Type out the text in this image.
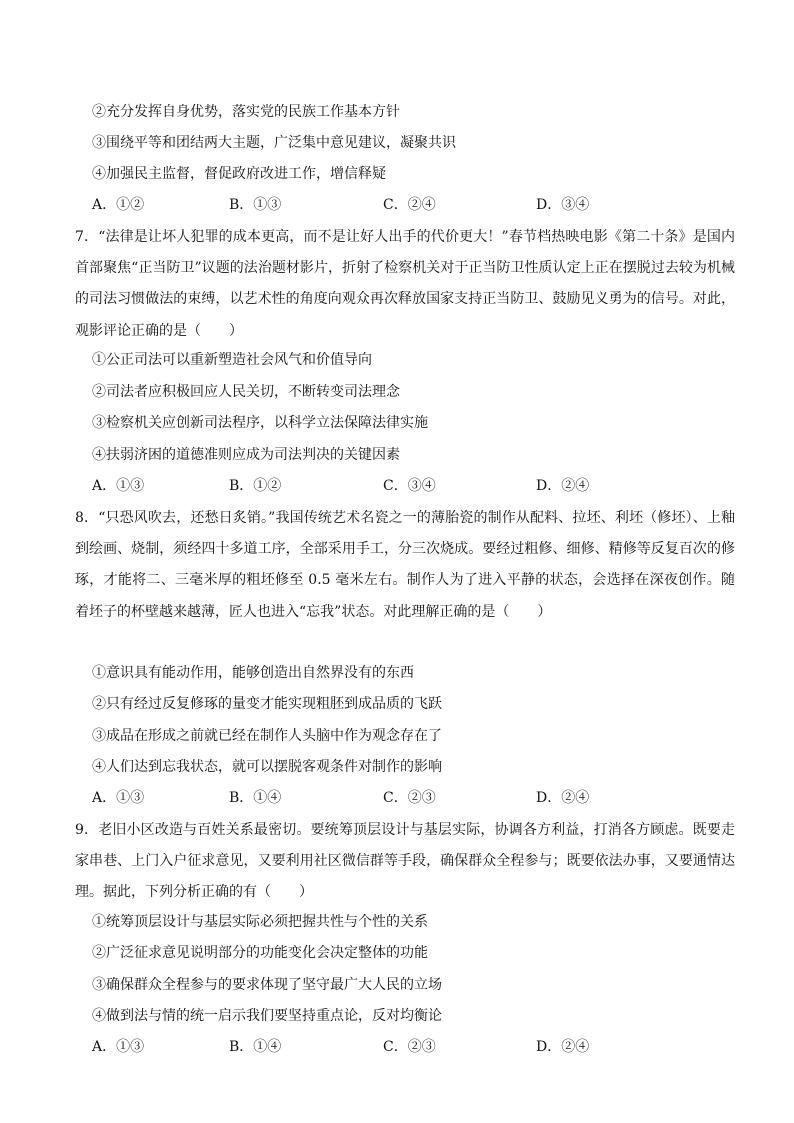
②充分发挥自身优势，落实党的民族工作基本方针
③围绕平等和团结两大主题，广泛集中意见建议，凝聚共识
④加强民主监督，督促政府改进工作，增信释疑
A．①②	B．①③	C．②④	D．③④
7．“法律是让坏人犯罪的成本更高，而不是让好人出手的代价更大！”春节档热映电影《第二十条》是国内首部聚焦“正当防卫”议题的法治题材影片，折射了检察机关对于正当防卫性质认定上正在摆脱过去较为机械的司法习惯做法的束缚，以艺术性的角度向观众再次释放国家支持正当防卫、鼓励见义勇为的信号。对此，观影评论正确的是（　　）
①公正司法可以重新塑造社会风气和价值导向
②司法者应积极回应人民关切，不断转变司法理念
③检察机关应创新司法程序，以科学立法保障法律实施
④扶弱济困的道德准则应成为司法判决的关键因素
A．①③	B．①②	C．③④	D．②④
8．“只恐风吹去，还愁日炙销。”我国传统艺术名瓷之一的薄胎瓷的制作从配料、拉坯、利坯（修坯）、上釉到绘画、烧制，须经四十多道工序，全部采用手工，分三次烧成。要经过粗修、细修、精修等反复百次的修琢，才能将二、三毫米厚的粗坯修至 0.5 毫米左右。制作人为了进入平静的状态，会选择在深夜创作。随着坯子的杯壁越来越薄，匠人也进入“忘我”状态。对此理解正确的是（　　）
①意识具有能动作用，能够创造出自然界没有的东西
②只有经过反复修琢的量变才能实现粗胚到成品质的飞跃
③成品在形成之前就已经在制作人头脑中作为观念存在了
④人们达到忘我状态，就可以摆脱客观条件对制作的影响
A．①③	B．①④	C．②③	D．②④
9．老旧小区改造与百姓关系最密切。要统筹顶层设计与基层实际，协调各方利益，打消各方顾虑。既要走家串巷、上门入户征求意见，又要利用社区微信群等手段，确保群众全程参与；既要依法办事，又要通情达理。据此，下列分析正确的有（　　）
①统筹顶层设计与基层实际必须把握共性与个性的关系
②广泛征求意见说明部分的功能变化会决定整体的功能
③确保群众全程参与的要求体现了坚守最广大人民的立场
④做到法与情的统一启示我们要坚持重点论，反对均衡论
A．①③	B．①④	C．②③	D．②④
